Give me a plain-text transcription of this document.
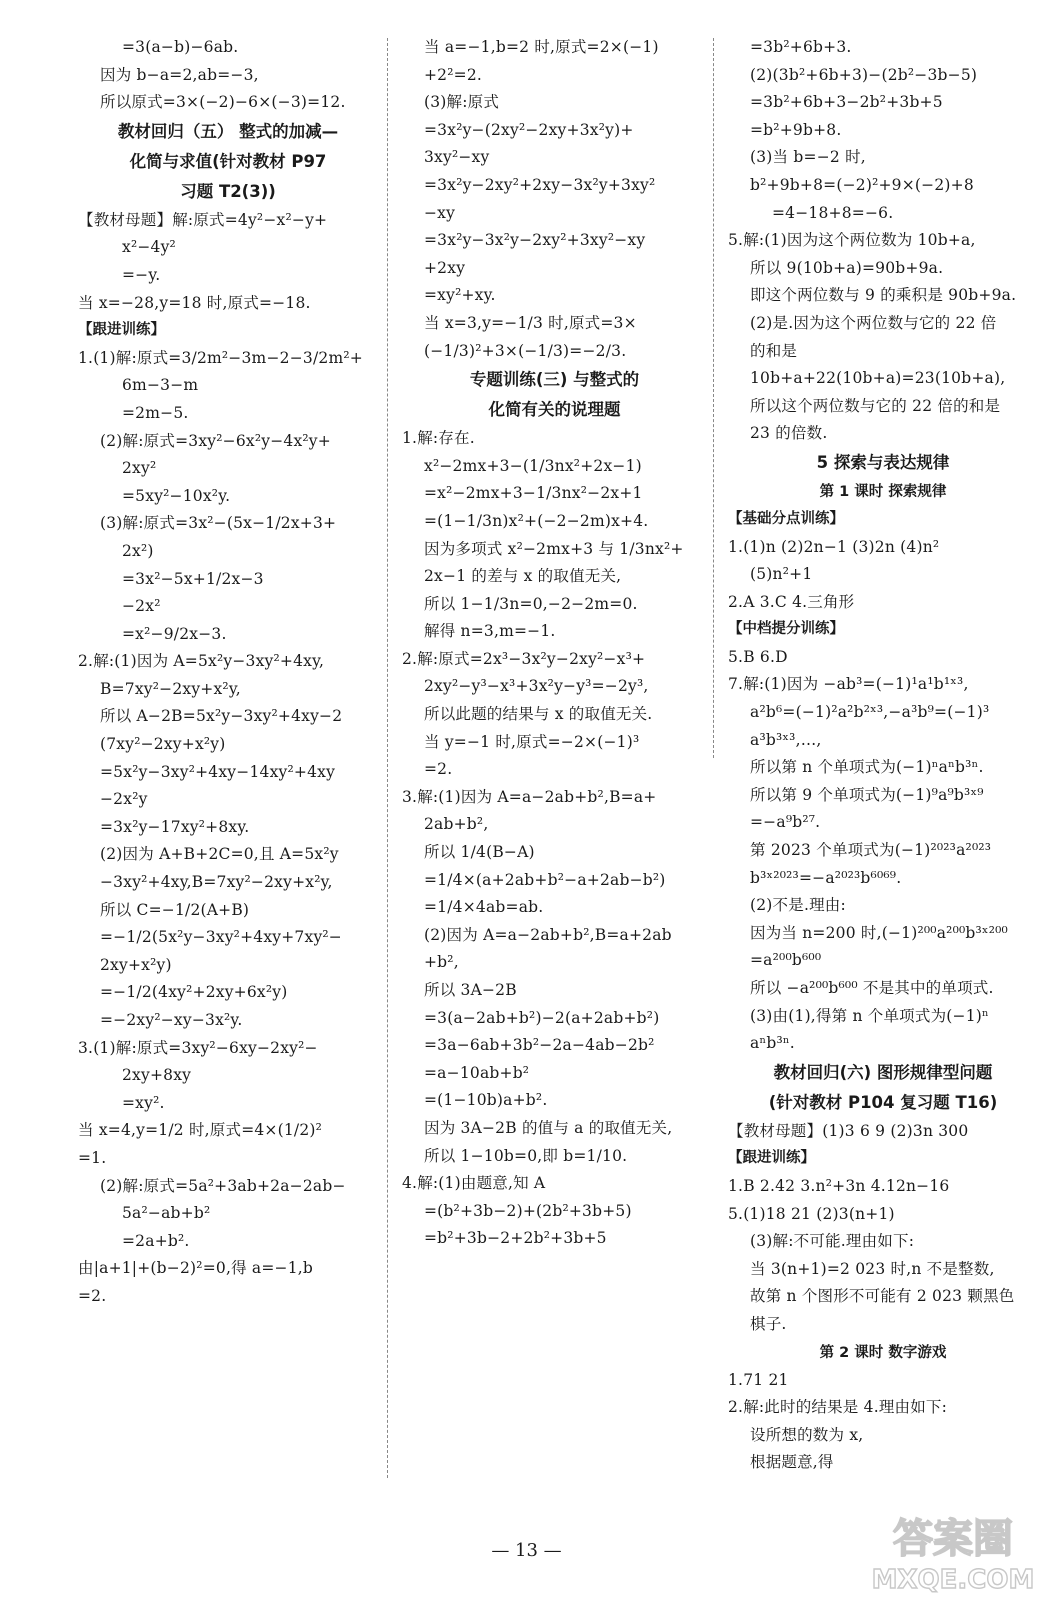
=3(a−b)−6ab.
因为 b−a=2,ab=−3,
所以原式=3×(−2)−6×(−3)=12.
教材回归（五） 整式的加减—
化简与求值(针对教材 P97
习题 T2(3))
【教材母题】解:原式=4y²−x²−y+
x²−4y²
=−y.
当 x=−28,y=18 时,原式=−18.
【跟进训练】
1.(1)解:原式=3/2m²−3m−2−3/2m²+
6m−3−m
=2m−5.
(2)解:原式=3xy²−6x²y−4x²y+
2xy²
=5xy²−10x²y.
(3)解:原式=3x²−(5x−1/2x+3+
2x²)
=3x²−5x+1/2x−3
−2x²
=x²−9/2x−3.
2.解:(1)因为 A=5x²y−3xy²+4xy,
B=7xy²−2xy+x²y,
所以 A−2B=5x²y−3xy²+4xy−2
(7xy²−2xy+x²y)
=5x²y−3xy²+4xy−14xy²+4xy
−2x²y
=3x²y−17xy²+8xy.
(2)因为 A+B+2C=0,且 A=5x²y
−3xy²+4xy,B=7xy²−2xy+x²y,
所以 C=−1/2(A+B)
=−1/2(5x²y−3xy²+4xy+7xy²−
2xy+x²y)
=−1/2(4xy²+2xy+6x²y)
=−2xy²−xy−3x²y.
3.(1)解:原式=3xy²−6xy−2xy²−
2xy+8xy
=xy².
当 x=4,y=1/2 时,原式=4×(1/2)²
=1.
(2)解:原式=5a²+3ab+2a−2ab−
5a²−ab+b²
=2a+b².
由|a+1|+(b−2)²=0,得 a=−1,b
=2.
当 a=−1,b=2 时,原式=2×(−1)
+2²=2.
(3)解:原式
=3x²y−(2xy²−2xy+3x²y)+
3xy²−xy
=3x²y−2xy²+2xy−3x²y+3xy²
−xy
=3x²y−3x²y−2xy²+3xy²−xy
+2xy
=xy²+xy.
当 x=3,y=−1/3 时,原式=3×
(−1/3)²+3×(−1/3)=−2/3.
专题训练(三) 与整式的
化简有关的说理题
1.解:存在.
x²−2mx+3−(1/3nx²+2x−1)
=x²−2mx+3−1/3nx²−2x+1
=(1−1/3n)x²+(−2−2m)x+4.
因为多项式 x²−2mx+3 与 1/3nx²+
2x−1 的差与 x 的取值无关,
所以 1−1/3n=0,−2−2m=0.
解得 n=3,m=−1.
2.解:原式=2x³−3x²y−2xy²−x³+
2xy²−y³−x³+3x²y−y³=−2y³,
所以此题的结果与 x 的取值无关.
当 y=−1 时,原式=−2×(−1)³
=2.
3.解:(1)因为 A=a−2ab+b²,B=a+
2ab+b²,
所以 1/4(B−A)
=1/4×(a+2ab+b²−a+2ab−b²)
=1/4×4ab=ab.
(2)因为 A=a−2ab+b²,B=a+2ab
+b²,
所以 3A−2B
=3(a−2ab+b²)−2(a+2ab+b²)
=3a−6ab+3b²−2a−4ab−2b²
=a−10ab+b²
=(1−10b)a+b².
因为 3A−2B 的值与 a 的取值无关,
所以 1−10b=0,即 b=1/10.
4.解:(1)由题意,知 A
=(b²+3b−2)+(2b²+3b+5)
=b²+3b−2+2b²+3b+5
=3b²+6b+3.
(2)(3b²+6b+3)−(2b²−3b−5)
=3b²+6b+3−2b²+3b+5
=b²+9b+8.
(3)当 b=−2 时,
b²+9b+8=(−2)²+9×(−2)+8
=4−18+8=−6.
5.解:(1)因为这个两位数为 10b+a,
所以 9(10b+a)=90b+9a.
即这个两位数与 9 的乘积是 90b+9a.
(2)是.因为这个两位数与它的 22 倍
的和是
10b+a+22(10b+a)=23(10b+a),
所以这个两位数与它的 22 倍的和是
23 的倍数.
5 探索与表达规律
第 1 课时 探索规律
【基础分点训练】
1.(1)n (2)2n−1 (3)2n (4)n²
(5)n²+1
2.A 3.C 4.三角形
【中档提分训练】
5.B 6.D
7.解:(1)因为 −ab³=(−1)¹a¹b¹ˣ³,
a²b⁶=(−1)²a²b²ˣ³,−a³b⁹=(−1)³
a³b³ˣ³,…,
所以第 n 个单项式为(−1)ⁿaⁿb³ⁿ.
所以第 9 个单项式为(−1)⁹a⁹b³ˣ⁹
=−a⁹b²⁷.
第 2023 个单项式为(−1)²⁰²³a²⁰²³
b³ˣ²⁰²³=−a²⁰²³b⁶⁰⁶⁹.
(2)不是.理由:
因为当 n=200 时,(−1)²⁰⁰a²⁰⁰b³ˣ²⁰⁰
=a²⁰⁰b⁶⁰⁰
所以 −a²⁰⁰b⁶⁰⁰ 不是其中的单项式.
(3)由(1),得第 n 个单项式为(−1)ⁿ
aⁿb³ⁿ.
教材回归(六) 图形规律型问题
(针对教材 P104 复习题 T16)
【教材母题】(1)3 6 9 (2)3n 300
【跟进训练】
1.B 2.42 3.n²+3n 4.12n−16
5.(1)18 21 (2)3(n+1)
(3)解:不可能.理由如下:
当 3(n+1)=2 023 时,n 不是整数,
故第 n 个图形不可能有 2 023 颗黑色
棋子.
第 2 课时 数字游戏
1.71 21
2.解:此时的结果是 4.理由如下:
设所想的数为 x,
根据题意,得
— 13 —	答案圈
MXQE.COM
